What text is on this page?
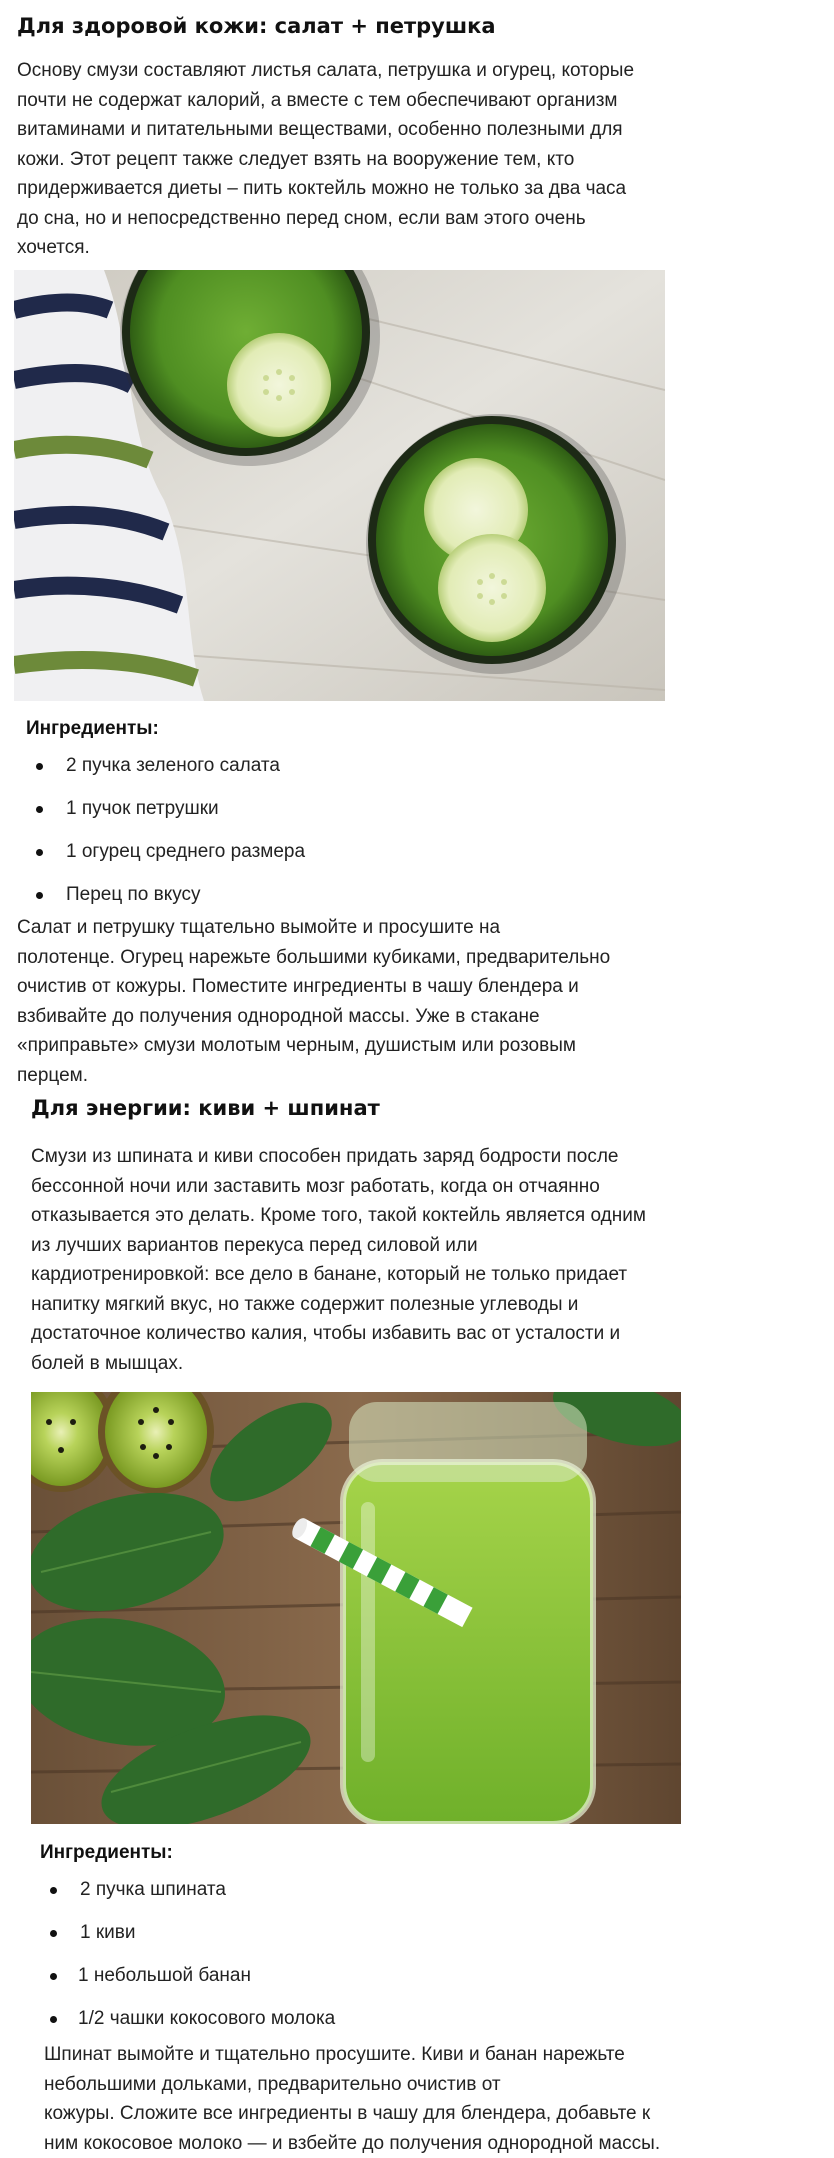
Для здоровой кожи: салат + петрушка

Основу смузи составляют листья салата, петрушка и огурец, которые
почти не содержат калорий, а вместе с тем обеспечивают организм
витаминами и питательными веществами, особенно полезными для
кожи. Этот рецепт также следует взять на вооружение тем, кто
придерживается диеты – пить коктейль можно не только за два часа
до сна, но и непосредственно перед сном, если вам этого очень
хочется.

Ингредиенты:
2 пучка зеленого салата
1 пучок петрушки
1 огурец среднего размера
Перец по вкусу

Салат и петрушку тщательно вымойте и просушите на
полотенце. Огурец нарежьте большими кубиками, предварительно
очистив от кожуры. Поместите ингредиенты в чашу блендера и
взбивайте до получения однородной массы. Уже в стакане
«приправьте» смузи молотым черным, душистым или розовым
перцем.

Для энергии: киви + шпинат

Смузи из шпината и киви способен придать заряд бодрости после
бессонной ночи или заставить мозг работать, когда он отчаянно
отказывается это делать. Кроме того, такой коктейль является одним
из лучших вариантов перекуса перед силовой или
кардиотренировкой: все дело в банане, который не только придает
напитку мягкий вкус, но также содержит полезные углеводы и
достаточное количество калия, чтобы избавить вас от усталости и
болей в мышцах.

Ингредиенты:
2 пучка шпината
1 киви
1 небольшой банан
1/2 чашки кокосового молока

Шпинат вымойте и тщательно просушите. Киви и банан нарежьте
небольшими дольками, предварительно очистив от
кожуры. Сложите все ингредиенты в чашу для блендера, добавьте к
ним кокосовое молоко — и взбейте до получения однородной массы.
